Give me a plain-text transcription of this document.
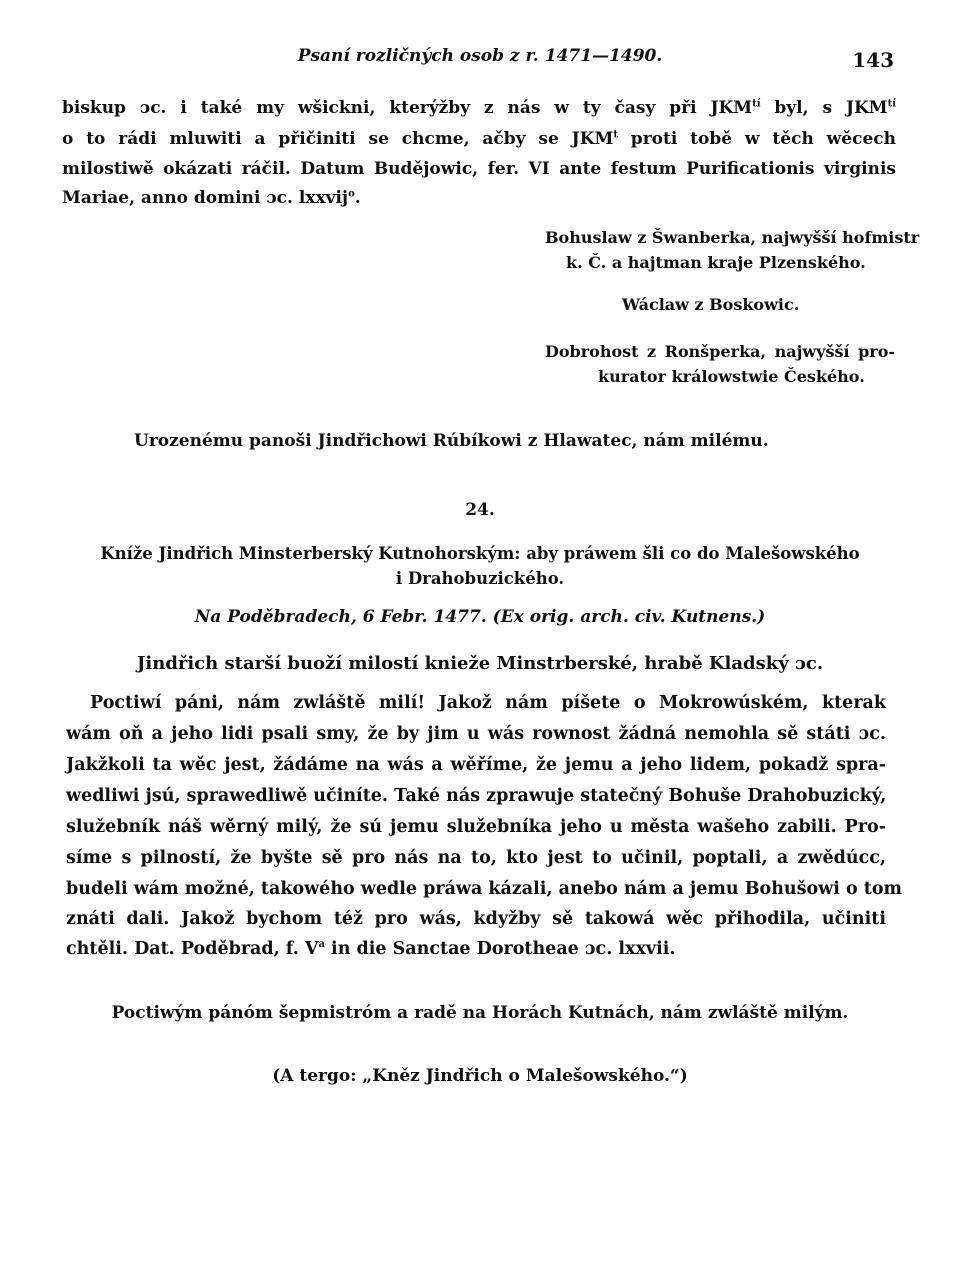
Psaní rozličných osob z r. 1471—1490.	143
biskup ɔc. i také my wšickni, kterýžby z nás w ty časy při $JKM^{tí}$ byl, s $JKM^{tí}$
o to rádi mluwiti a přičiniti se chcme, ačby se JKM$^t$ proti tobě w těch wěcech
milostiwě okázati ráčil. Datum Budějowic, fer. VI ante festum Purificationis virginis
Mariae, anno domini ɔc. lxxvij$^o$.
Bohuslaw z Šwanberka, najwyšší hofmistr
k. Č. a hajtman kraje Plzenského.
Wáclaw z Boskowic.
Dobrohost z Ronšperka, najwyšší pro-
kurator králowstwie Českého.
Urozenému panoši Jindřichowi Rúbíkowi z Hlawatec, nám milému.
24.
Kníže Jindřich Minsterberský Kutnohorským: aby práwem šli co do Malešowského
i Drahobuzického.
Na Poděbradech, 6 Febr. 1477. (Ex orig. arch. civ. Kutnens.)
Jindřich starší buoží milostí knieže Minstrberské, hrabě Kladský ɔc.
Poctiwí páni, nám zwláště milí! Jakož nám píšete o Mokrowúském, kterak
wám oň a jeho lidi psali smy, že by jim u wás rownost žádná nemohla sě státi ɔc.
Jakžkoli ta wěc jest, žádáme na wás a wěříme, že jemu a jeho lidem, pokadž spra-
wedliwi jsú, sprawedliwě učiníte. Také nás zprawuje statečný Bohuše Drahobuzický,
služebník náš wěrný milý, že sú jemu služebníka jeho u města wašeho zabili. Pro-
síme s pilností, že byšte sě pro nás na to, kto jest to učinil, poptali, a zwědúcc,
budeli wám možné, takowého wedle práwa kázali, anebo nám a jemu Bohušowi o tom
znáti dali. Jakož bychom též pro wás, kdyžby sě takowá wěc přihodila, učiniti
chtěli. Dat. Poděbrad, f. $V^a$ in die Sanctae Dorotheae ɔc. lxxvii.
Poctiwým pánóm šepmistróm a radě na Horách Kutnách, nám zwláště milým.
(A tergo: „Kněz Jindřich o Malešowského.“)
